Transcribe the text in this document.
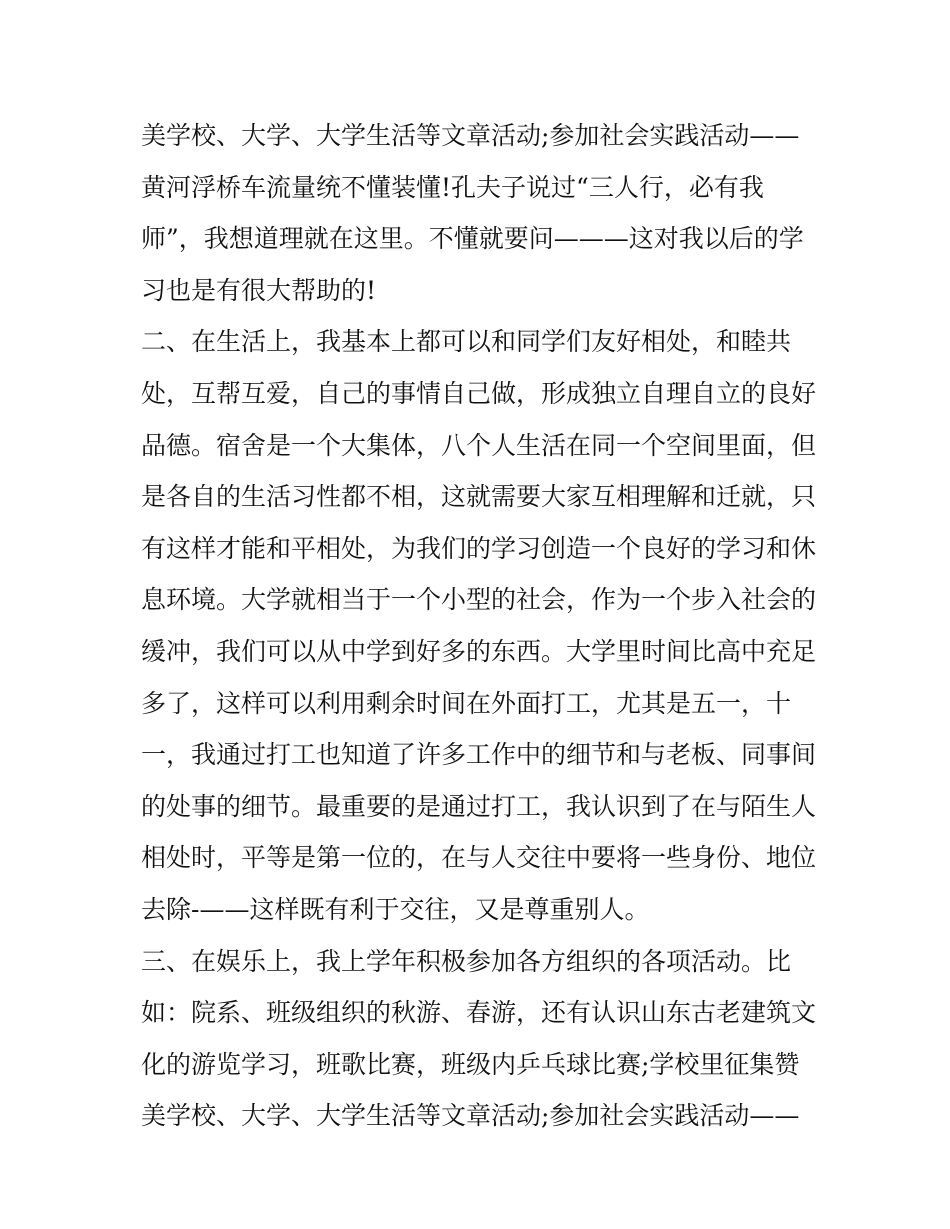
美学校、大学、大学生活等文章活动;参加社会实践活动——
黄河浮桥车流量统不懂装懂!孔夫子说过“三人行，必有我
师”，我想道理就在这里。不懂就要问———这对我以后的学
习也是有很大帮助的!
二、在生活上，我基本上都可以和同学们友好相处，和睦共
处，互帮互爱，自己的事情自己做，形成独立自理自立的良好
品德。宿舍是一个大集体，八个人生活在同一个空间里面，但
是各自的生活习性都不相，这就需要大家互相理解和迁就，只
有这样才能和平相处，为我们的学习创造一个良好的学习和休
息环境。大学就相当于一个小型的社会，作为一个步入社会的
缓冲，我们可以从中学到好多的东西。大学里时间比高中充足
多了，这样可以利用剩余时间在外面打工，尤其是五一，十
一，我通过打工也知道了许多工作中的细节和与老板、同事间
的处事的细节。最重要的是通过打工，我认识到了在与陌生人
相处时，平等是第一位的，在与人交往中要将一些身份、地位
去除-——这样既有利于交往，又是尊重别人。
三、在娱乐上，我上学年积极参加各方组织的各项活动。比
如：院系、班级组织的秋游、春游，还有认识山东古老建筑文
化的游览学习，班歌比赛，班级内乒乓球比赛;学校里征集赞
美学校、大学、大学生活等文章活动;参加社会实践活动——
